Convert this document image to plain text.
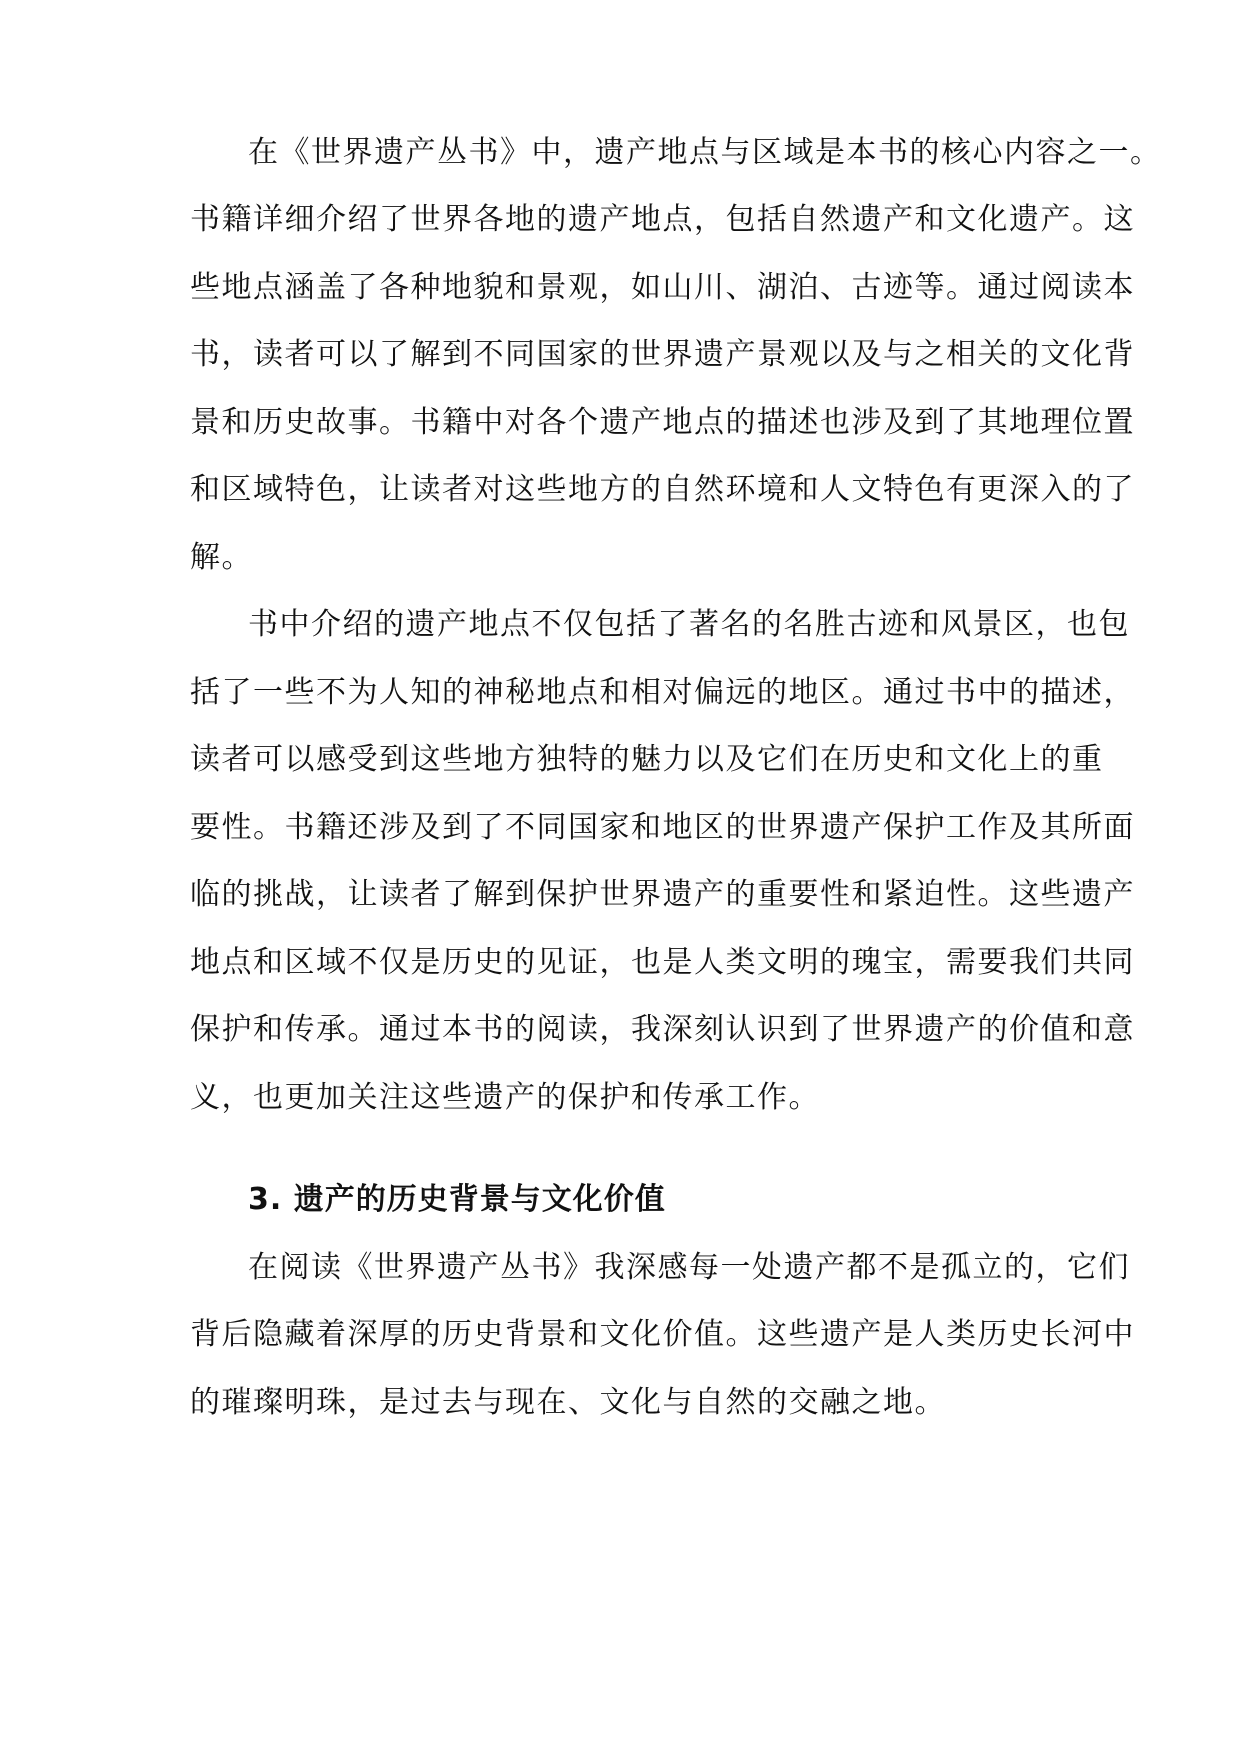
在《世界遗产丛书》中，遗产地点与区域是本书的核心内容之一。
书籍详细介绍了世界各地的遗产地点，包括自然遗产和文化遗产。这
些地点涵盖了各种地貌和景观，如山川、湖泊、古迹等。通过阅读本
书，读者可以了解到不同国家的世界遗产景观以及与之相关的文化背
景和历史故事。书籍中对各个遗产地点的描述也涉及到了其地理位置
和区域特色，让读者对这些地方的自然环境和人文特色有更深入的了
解。
书中介绍的遗产地点不仅包括了著名的名胜古迹和风景区，也包
括了一些不为人知的神秘地点和相对偏远的地区。通过书中的描述，
读者可以感受到这些地方独特的魅力以及它们在历史和文化上的重
要性。书籍还涉及到了不同国家和地区的世界遗产保护工作及其所面
临的挑战，让读者了解到保护世界遗产的重要性和紧迫性。这些遗产
地点和区域不仅是历史的见证，也是人类文明的瑰宝，需要我们共同
保护和传承。通过本书的阅读，我深刻认识到了世界遗产的价值和意
义，也更加关注这些遗产的保护和传承工作。
3. 遗产的历史背景与文化价值
在阅读《世界遗产丛书》我深感每一处遗产都不是孤立的，它们
背后隐藏着深厚的历史背景和文化价值。这些遗产是人类历史长河中
的璀璨明珠，是过去与现在、文化与自然的交融之地。
